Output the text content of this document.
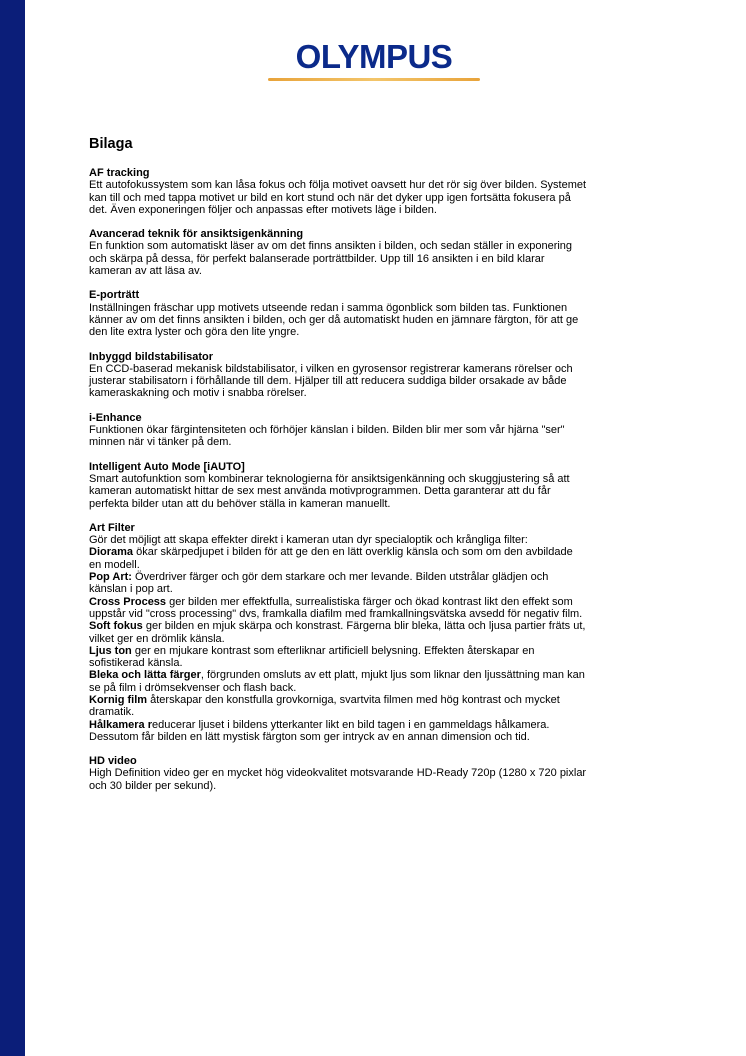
OLYMPUS
Bilaga
AF tracking
Ett autofokussystem som kan låsa fokus och följa motivet oavsett hur det rör sig över bilden. Systemet
kan till och med tappa motivet ur bild en kort stund och när det dyker upp igen fortsätta fokusera på
det. Även exponeringen följer och anpassas efter motivets läge i bilden.
Avancerad teknik för ansiktsigenkänning
En funktion som automatiskt läser av om det finns ansikten i bilden, och sedan ställer in exponering
och skärpa på dessa, för perfekt balanserade porträttbilder. Upp till 16 ansikten i en bild klarar
kameran av att läsa av.
E-porträtt
Inställningen fräschar upp motivets utseende redan i samma ögonblick som bilden tas. Funktionen
känner av om det finns ansikten i bilden, och ger då automatiskt huden en jämnare färgton, för att ge
den lite extra lyster och göra den lite yngre.
Inbyggd bildstabilisator
En CCD-baserad mekanisk bildstabilisator, i vilken en gyrosensor registrerar kamerans rörelser och
justerar stabilisatorn i förhållande till dem. Hjälper till att reducera suddiga bilder orsakade av både
kameraskakning och motiv i snabba rörelser.
i-Enhance
Funktionen ökar färgintensiteten och förhöjer känslan i bilden. Bilden blir mer som vår hjärna "ser"
minnen när vi tänker på dem.
Intelligent Auto Mode [iAUTO]
Smart autofunktion som kombinerar teknologierna för ansiktsigenkänning och skuggjustering så att
kameran automatiskt hittar de sex mest använda motivprogrammen. Detta garanterar att du får
perfekta bilder utan att du behöver ställa in kameran manuellt.
Art Filter
Gör det möjligt att skapa effekter direkt i kameran utan dyr specialoptik och krångliga filter:
Diorama ökar skärpedjupet i bilden för att ge den en lätt overklig känsla och som om den avbildade
en modell.
Pop Art: Överdriver färger och gör dem starkare och mer levande. Bilden utstrålar glädjen och
känslan i pop art.
Cross Process ger bilden mer effektfulla, surrealistiska färger och ökad kontrast likt den effekt som
uppstår vid "cross processing" dvs, framkalla diafilm med framkallningsvätska avsedd för negativ film.
Soft fokus ger bilden en mjuk skärpa och konstrast. Färgerna blir bleka, lätta och ljusa partier fräts ut,
vilket ger en drömlik känsla.
Ljus ton ger en mjukare kontrast som efterliknar artificiell belysning. Effekten återskapar en
sofistikerad känsla.
Bleka och lätta färger, förgrunden omsluts av ett platt, mjukt ljus som liknar den ljussättning man kan
se på film i drömsekvenser och flash back.
Kornig film återskapar den konstfulla grovkorniga, svartvita filmen med hög kontrast och mycket
dramatik.
Hålkamera reducerar ljuset i bildens ytterkanter likt en bild tagen i en gammeldags hålkamera.
Dessutom får bilden en lätt mystisk färgton som ger intryck av en annan dimension och tid.
HD video
High Definition video ger en mycket hög videokvalitet motsvarande HD-Ready 720p (1280 x 720 pixlar
och 30 bilder per sekund).
